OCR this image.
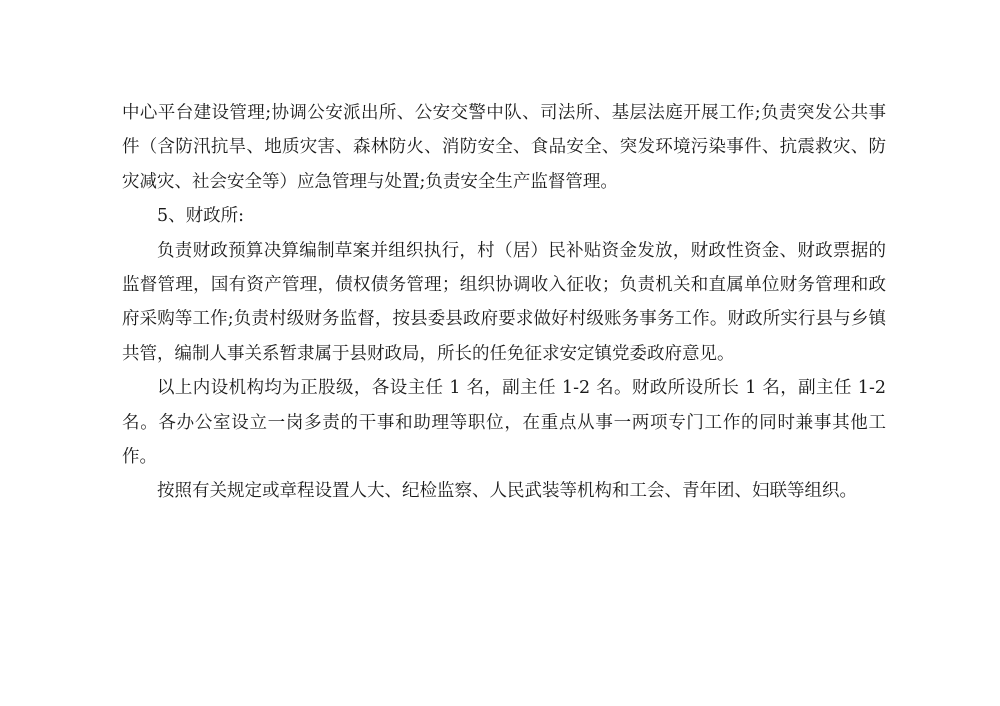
中心平台建设管理;协调公安派出所、公安交警中队、司法所、基层法庭开展工作;负责突发公共事件（含防汛抗旱、地质灾害、森林防火、消防安全、食品安全、突发环境污染事件、抗震救灾、防灾减灾、社会安全等）应急管理与处置;负责安全生产监督管理。

5、财政所:

负责财政预算决算编制草案并组织执行，村（居）民补贴资金发放，财政性资金、财政票据的监督管理，国有资产管理，债权债务管理；组织协调收入征收；负责机关和直属单位财务管理和政府采购等工作;负责村级财务监督，按县委县政府要求做好村级账务事务工作。财政所实行县与乡镇共管，编制人事关系暂隶属于县财政局，所长的任免征求安定镇党委政府意见。

以上内设机构均为正股级，各设主任 1 名，副主任 1-2 名。财政所设所长 1 名，副主任 1-2 名。各办公室设立一岗多责的干事和助理等职位，在重点从事一两项专门工作的同时兼事其他工作。

按照有关规定或章程设置人大、纪检监察、人民武装等机构和工会、青年团、妇联等组织。
